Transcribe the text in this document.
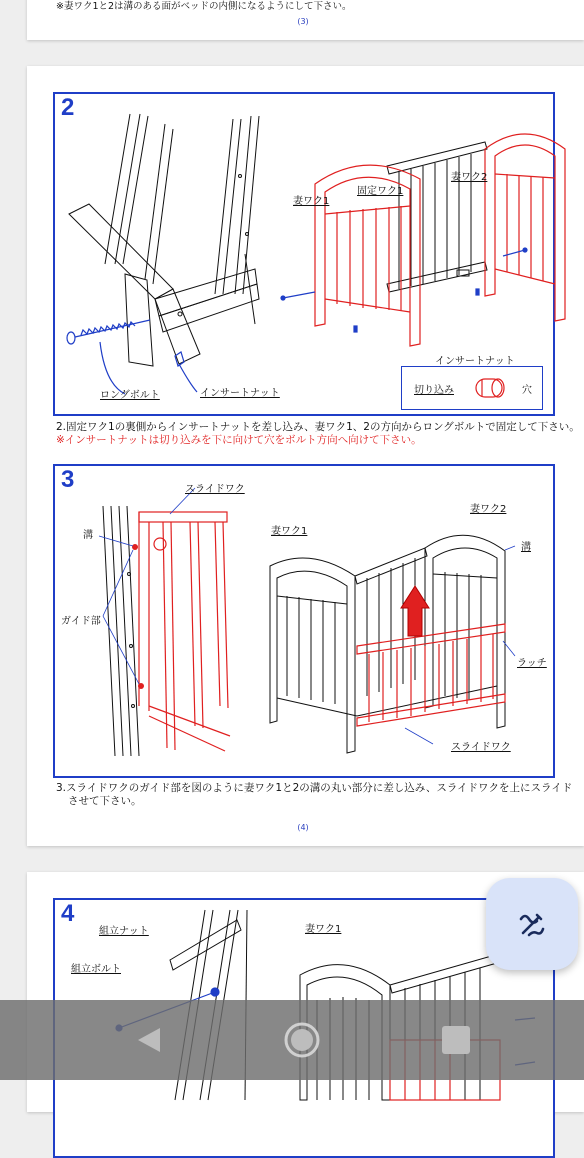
※妻ワク1と2は溝のある面がベッドの内側になるようにして下さい。
(3)
2
ロングボルト	インサートナット
妻ワク1
固定ワク1
妻ワク2
インサートナット
切り込み	穴
2.固定ワク1の裏側からインサートナットを差し込み、妻ワク1、2の方向からロングボルトで固定して下さい。
※インサートナットは切り込みを下に向けて穴をボルト方向へ向けて下さい。
3	スライドワク
溝
ガイド部
妻ワク1
妻ワク2
溝
ラッチ
スライドワク
3.スライドワクのガイド部を図のように妻ワク1と2の溝の丸い部分に差し込み、スライドワクを上にスライド
させて下さい。
(4)
4
組立ナット
組立ボルト
妻ワク1
